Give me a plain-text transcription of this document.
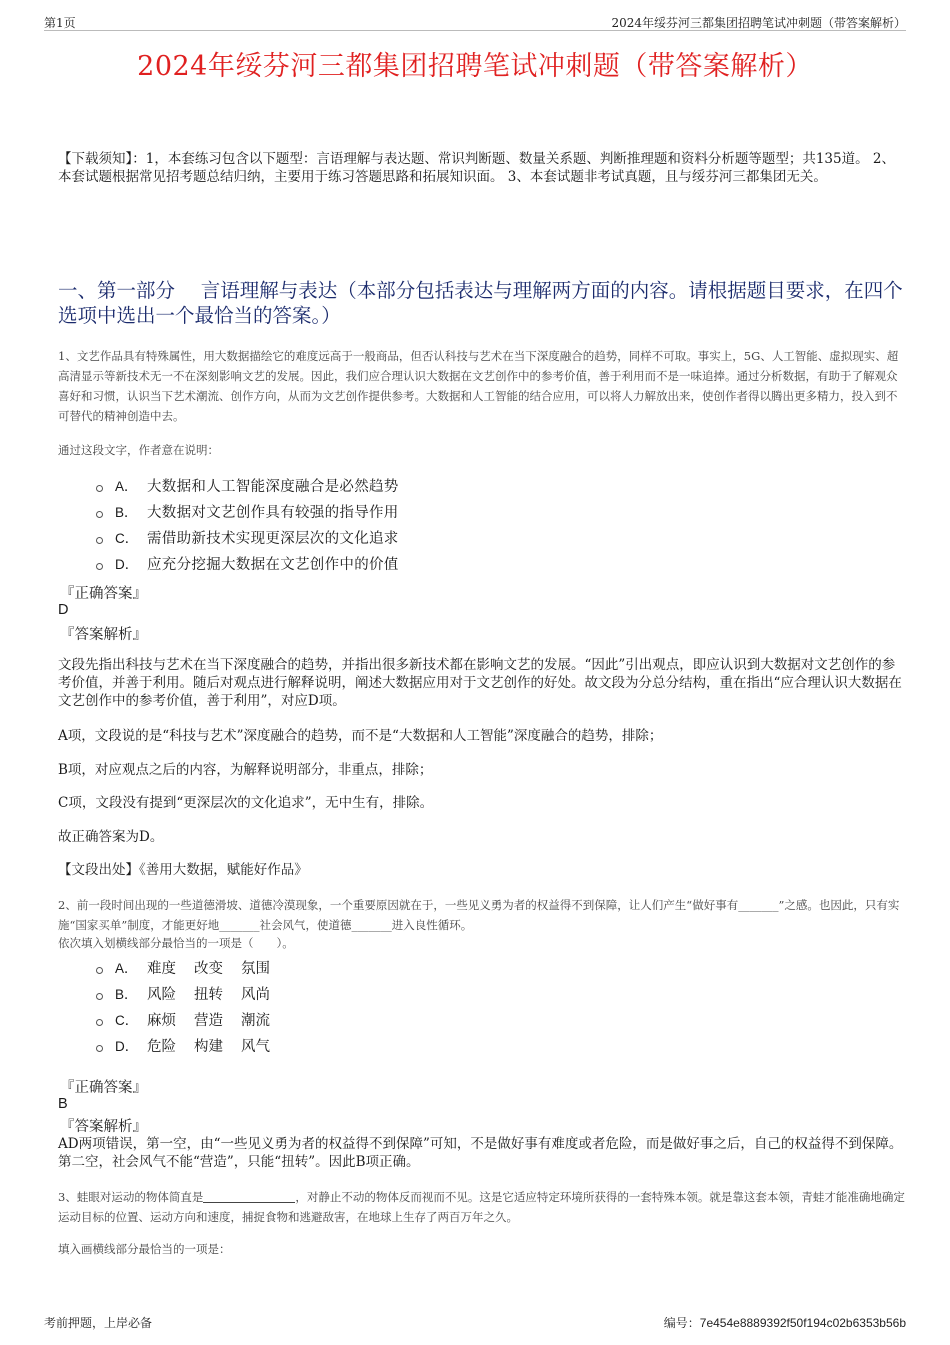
第1页	2024年绥芬河三都集团招聘笔试冲刺题（带答案解析）
2024年绥芬河三都集团招聘笔试冲刺题（带答案解析）
【下载须知】：1，本套练习包含以下题型：言语理解与表达题、常识判断题、数量关系题、判断推理题和资料分析题等题型；共135道。 2、本套试题根据常见招考题总结归纳，主要用于练习答题思路和拓展知识面。 3、本套试题非考试真题，且与绥芬河三都集团无关。
一、第一部分　 言语理解与表达（本部分包括表达与理解两方面的内容。请根据题目要求，在四个选项中选出一个最恰当的答案。）
1、文艺作品具有特殊属性，用大数据描绘它的难度远高于一般商品，但否认科技与艺术在当下深度融合的趋势，同样不可取。事实上，5G、人工智能、虚拟现实、超高清显示等新技术无一不在深刻影响文艺的发展。因此，我们应合理认识大数据在文艺创作中的参考价值，善于利用而不是一味追捧。通过分析数据，有助于了解观众喜好和习惯，认识当下艺术潮流、创作方向，从而为文艺创作提供参考。大数据和人工智能的结合应用，可以将人力解放出来，使创作者得以腾出更多精力，投入到不可替代的精神创造中去。
通过这段文字，作者意在说明：
A． 大数据和人工智能深度融合是必然趋势
B． 大数据对文艺创作具有较强的指导作用
C． 需借助新技术实现更深层次的文化追求
D． 应充分挖掘大数据在文艺创作中的价值
『正确答案』
D
『答案解析』
文段先指出科技与艺术在当下深度融合的趋势，并指出很多新技术都在影响文艺的发展。“因此”引出观点，即应认识到大数据对文艺创作的参考价值，并善于利用。随后对观点进行解释说明，阐述大数据应用对于文艺创作的好处。故文段为分总分结构，重在指出“应合理认识大数据在文艺创作中的参考价值，善于利用”，对应D项。
A项，文段说的是“科技与艺术”深度融合的趋势，而不是“大数据和人工智能”深度融合的趋势，排除；
B项，对应观点之后的内容，为解释说明部分，非重点，排除；
C项，文段没有提到“更深层次的文化追求”，无中生有，排除。
故正确答案为D。
【文段出处】《善用大数据，赋能好作品》
2、前一段时间出现的一些道德滑坡、道德冷漠现象，一个重要原因就在于，一些见义勇为者的权益得不到保障，让人们产生“做好事有_______”之感。也因此，只有实施“国家买单”制度，才能更好地_______社会风气，使道德_______进入良性循环。
依次填入划横线部分最恰当的一项是（　　）。
A． 难度 改变 氛围
B． 风险 扭转 风尚
C． 麻烦 营造 潮流
D． 危险 构建 风气
『正确答案』
B
『答案解析』
AD两项错误，第一空，由“一些见义勇为者的权益得不到保障”可知，不是做好事有难度或者危险，而是做好事之后，自己的权益得不到保障。第二空，社会风气不能“营造”，只能“扭转”。因此B项正确。
3、蛙眼对运动的物体简直是	，对静止不动的物体反而视而不见。这是它适应特定环境所获得的一套特殊本领。就是靠这套本领，青蛙才能准确地确定运动目标的位置、运动方向和速度，捕捉食物和逃避敌害，在地球上生存了两百万年之久。
填入画横线部分最恰当的一项是：
考前押题，上岸必备	编号：7e454e8889392f50f194c02b6353b56b
